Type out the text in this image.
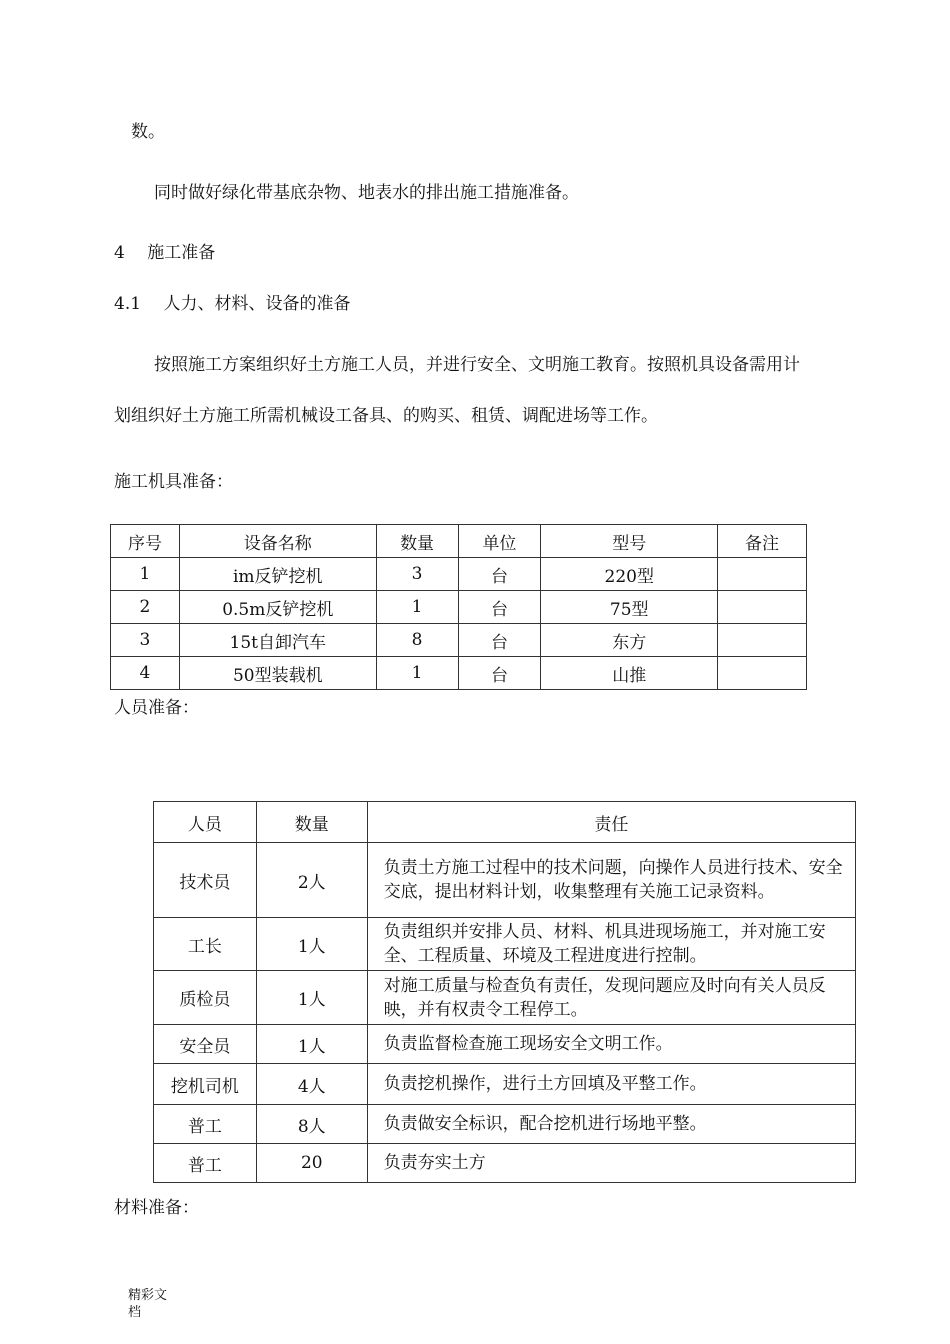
数。
同时做好绿化带基底杂物、地表水的排出施工措施准备。
4　 施工准备
4.1　 人力、材料、设备的准备
按照施工方案组织好土方施工人员，并进行安全、文明施工教育。按照机具设备需用计
划组织好土方施工所需机械设工备具、的购买、租赁、调配进场等工作。
施工机具准备：
序号	设备名称	数量	单位	型号	备注
1	im反铲挖机	3	台	220型	
2	0.5m反铲挖机	1	台	75型	
3	15t自卸汽车	8	台	东方	
4	50型装载机	1	台	山推	
人员准备：
人员	数量	责任
技术员	2人	负责土方施工过程中的技术问题，向操作人员进行技术、安全交底，提出材料计划，收集整理有关施工记录资料。
工长	1人	负责组织并安排人员、材料、机具进现场施工，并对施工安全、工程质量、环境及工程进度进行控制。
质检员	1人	对施工质量与检查负有责任，发现问题应及时向有关人员反映，并有权责令工程停工。
安全员	1人	负责监督检查施工现场安全文明工作。
挖机司机	4人	负责挖机操作，进行土方回填及平整工作。
普工	8人	负责做安全标识，配合挖机进行场地平整。
普工	20	负责夯实土方
材料准备：
精彩文档
